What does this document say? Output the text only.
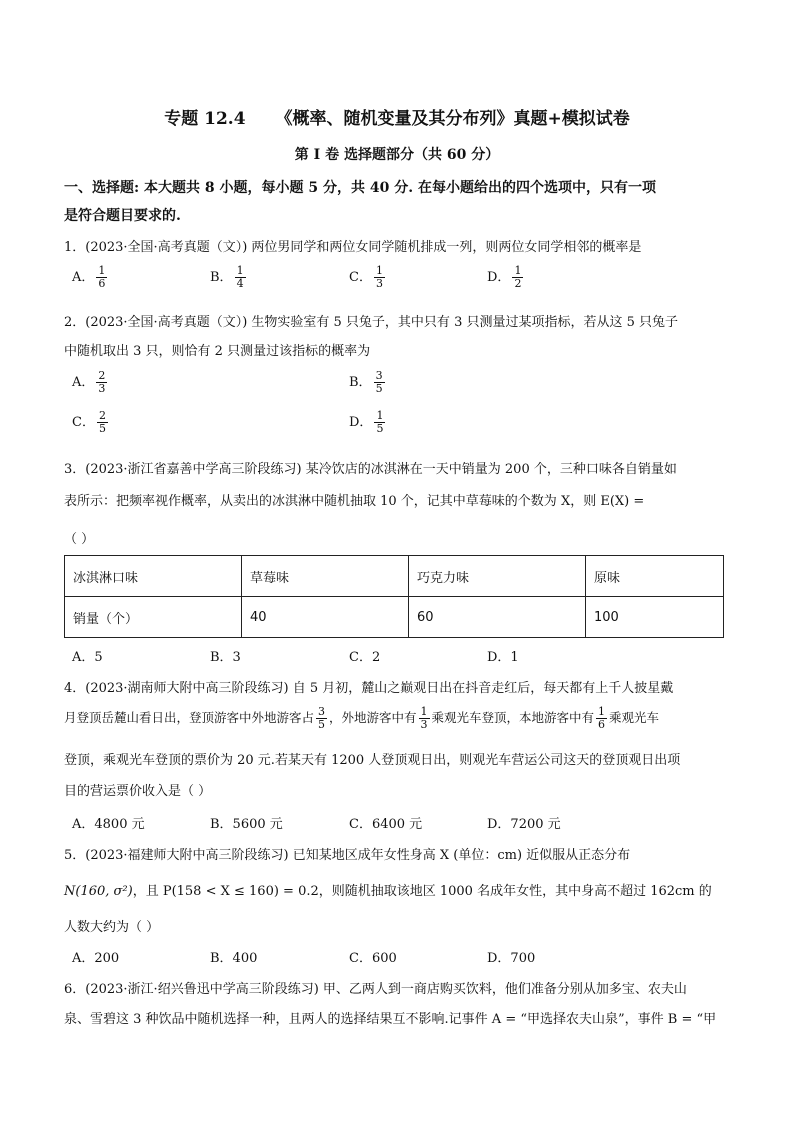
专题 12.4 《概率、随机变量及其分布列》真题+模拟试卷
第 I 卷 选择题部分（共 60 分）
一、选择题: 本大题共 8 小题，每小题 5 分，共 40 分. 在每小题给出的四个选项中，只有一项
是符合题目要求的.
1．(2023·全国·高考真题（文）) 两位男同学和两位女同学随机排成一列，则两位女同学相邻的概率是
A． $\frac{1}{6}$	B． $\frac{1}{4}$	C． $\frac{1}{3}$	D． $\frac{1}{2}$
2．(2023·全国·高考真题（文）) 生物实验室有 5 只兔子，其中只有 3 只测量过某项指标，若从这 5 只兔子
中随机取出 3 只，则恰有 2 只测量过该指标的概率为
A． $\frac{2}{3}$	B． $\frac{3}{5}$
C． $\frac{2}{5}$	D． $\frac{1}{5}$
3．(2023·浙江省嘉善中学高三阶段练习) 某冷饮店的冰淇淋在一天中销量为 200 个，三种口味各自销量如
表所示：把频率视作概率，从卖出的冰淇淋中随机抽取 10 个，记其中草莓味的个数为 X，则 E(X) =
（ ）
冰淇淋口味	草莓味	巧克力味	原味
销量（个）	40	60	100
A．5	B．3	C．2	D．1
4．(2023·湖南师大附中高三阶段练习) 自 5 月初，麓山之巅观日出在抖音走红后，每天都有上千人披星戴
月登顶岳麓山看日出，登顶游客中外地游客占 $\frac{3}{5}$ ，外地游客中有 $\frac{1}{3}$ 乘观光车登顶，本地游客中有 $\frac{1}{6}$ 乘观光车
登顶，乘观光车登顶的票价为 20 元.若某天有 1200 人登顶观日出，则观光车营运公司这天的登顶观日出项
目的营运票价收入是（ ）
A．4800 元	B．5600 元	C．6400 元	D．7200 元
5．(2023·福建师大附中高三阶段练习) 已知某地区成年女性身高 X (单位：cm) 近似服从正态分布
N(160, σ²)，且 P(158 < X ≤ 160) = 0.2，则随机抽取该地区 1000 名成年女性，其中身高不超过 162cm 的
人数大约为（ ）
A．200	B．400	C．600	D．700
6．(2023·浙江·绍兴鲁迅中学高三阶段练习) 甲、乙两人到一商店购买饮料，他们准备分别从加多宝、农夫山
泉、雪碧这 3 种饮品中随机选择一种，且两人的选择结果互不影响.记事件 A = “甲选择农夫山泉”，事件 B = “甲
